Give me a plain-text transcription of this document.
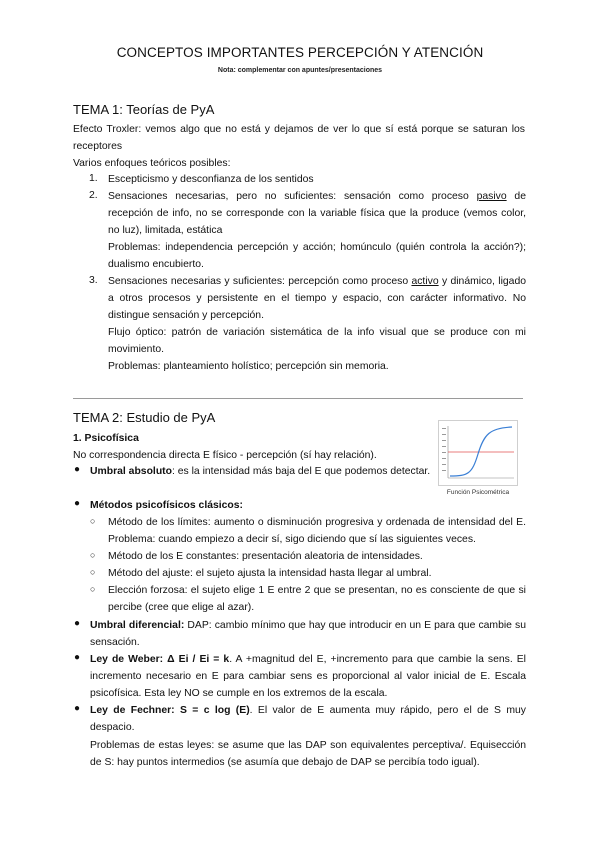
CONCEPTOS IMPORTANTES PERCEPCIÓN Y ATENCIÓN
Nota: complementar con apuntes/presentaciones
TEMA 1: Teorías de PyA
Efecto Troxler: vemos algo que no está y dejamos de ver lo que sí está porque se saturan los receptores
Varios enfoques teóricos posibles:
1. Escepticismo y desconfianza de los sentidos
2. Sensaciones necesarias, pero no suficientes: sensación como proceso pasivo de recepción de info, no se corresponde con la variable física que la produce (vemos color, no luz), limitada, estática
Problemas: independencia percepción y acción; homúnculo (quién controla la acción?); dualismo encubierto.
3. Sensaciones necesarias y suficientes: percepción como proceso activo y dinámico, ligado a otros procesos y persistente en el tiempo y espacio, con carácter informativo. No distingue sensación y percepción.
Flujo óptico: patrón de variación sistemática de la info visual que se produce con mi movimiento.
Problemas: planteamiento holístico; percepción sin memoria.
TEMA 2: Estudio de PyA
1. Psicofísica
No correspondencia directa E físico - percepción (sí hay relación).
Función Psicométrica
● Umbral absoluto: es la intensidad más baja del E que podemos detectar.
● Métodos psicofísicos clásicos:
○ Método de los límites: aumento o disminución progresiva y ordenada de intensidad del E. Problema: cuando empiezo a decir sí, sigo diciendo que sí las siguientes veces.
○ Método de los E constantes: presentación aleatoria de intensidades.
○ Método del ajuste: el sujeto ajusta la intensidad hasta llegar al umbral.
○ Elección forzosa: el sujeto elige 1 E entre 2 que se presentan, no es consciente de que si percibe (cree que elige al azar).
● Umbral diferencial: DAP: cambio mínimo que hay que introducir en un E para que cambie su sensación.
● Ley de Weber: Δ Ei / Ei = k. A +magnitud del E, +incremento para que cambie la sens. El incremento necesario en E para cambiar sens es proporcional al valor inicial de E. Escala psicofísica. Esta ley NO se cumple en los extremos de la escala.
● Ley de Fechner: S = c log (E). El valor de E aumenta muy rápido, pero el de S muy despacio.
Problemas de estas leyes: se asume que las DAP son equivalentes perceptiva/. Equisección de S: hay puntos intermedios (se asumía que debajo de DAP se percibía todo igual).
